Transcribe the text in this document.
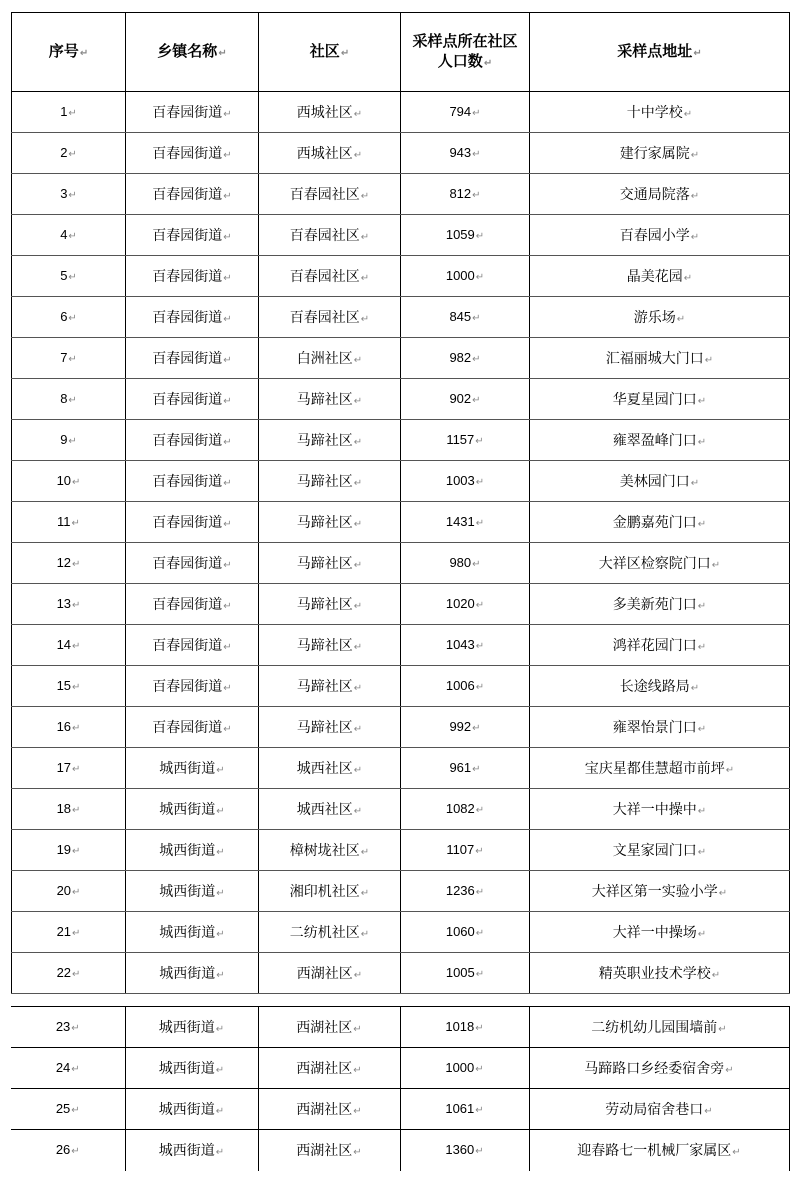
序号↵	乡镇名称↵	社区↵	采样点所在社区人口数↵	采样点地址↵
1↵	百春园街道↵	西城社区↵	794↵	十中学校↵
2↵	百春园街道↵	西城社区↵	943↵	建行家属院↵
3↵	百春园街道↵	百春园社区↵	812↵	交通局院落↵
4↵	百春园街道↵	百春园社区↵	1059↵	百春园小学↵
5↵	百春园街道↵	百春园社区↵	1000↵	晶美花园↵
6↵	百春园街道↵	百春园社区↵	845↵	游乐场↵
7↵	百春园街道↵	白洲社区↵	982↵	汇福丽城大门口↵
8↵	百春园街道↵	马蹄社区↵	902↵	华夏星园门口↵
9↵	百春园街道↵	马蹄社区↵	1157↵	雍翠盈峰门口↵
10↵	百春园街道↵	马蹄社区↵	1003↵	美林园门口↵
11↵	百春园街道↵	马蹄社区↵	1431↵	金鹏嘉苑门口↵
12↵	百春园街道↵	马蹄社区↵	980↵	大祥区检察院门口↵
13↵	百春园街道↵	马蹄社区↵	1020↵	多美新苑门口↵
14↵	百春园街道↵	马蹄社区↵	1043↵	鸿祥花园门口↵
15↵	百春园街道↵	马蹄社区↵	1006↵	长途线路局↵
16↵	百春园街道↵	马蹄社区↵	992↵	雍翠怡景门口↵
17↵	城西街道↵	城西社区↵	961↵	宝庆星都佳慧超市前坪↵
18↵	城西街道↵	城西社区↵	1082↵	大祥一中操中↵
19↵	城西街道↵	樟树垅社区↵	1107↵	文星家园门口↵
20↵	城西街道↵	湘印机社区↵	1236↵	大祥区第一实验小学↵
21↵	城西街道↵	二纺机社区↵	1060↵	大祥一中操场↵
22↵	城西街道↵	西湖社区↵	1005↵	精英职业技术学校↵
23↵	城西街道↵	西湖社区↵	1018↵	二纺机幼儿园围墙前↵
24↵	城西街道↵	西湖社区↵	1000↵	马蹄路口乡经委宿舍旁↵
25↵	城西街道↵	西湖社区↵	1061↵	劳动局宿舍巷口↵
26↵	城西街道↵	西湖社区↵	1360↵	迎春路七一机械厂家属区↵
